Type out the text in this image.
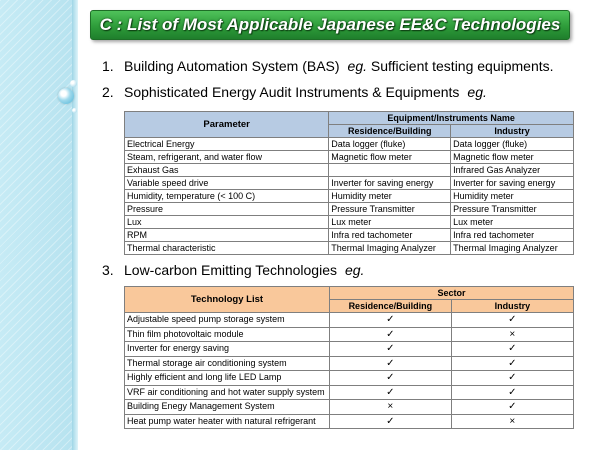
C : List of Most Applicable Japanese EE&C Technologies
1. Building Automation System (BAS) eg. Sufficient testing equipments.
2. Sophisticated Energy Audit Instruments & Equipments eg.
Parameter	Equipment/Instruments Name	
	Residence/Building	Industry
Electrical Energy	Data logger (fluke)	Data logger (fluke)
Steam, refrigerant, and water flow	Magnetic flow meter	Magnetic flow meter
Exhaust Gas		Infrared Gas Analyzer
Variable speed drive	Inverter for saving energy	Inverter for saving energy
Humidity, temperature (< 100 C)	Humidity meter	Humidity meter
Pressure	Pressure Transmitter	Pressure Transmitter
Lux	Lux meter	Lux meter
RPM	Infra red tachometer	Infra red tachometer
Thermal characteristic	Thermal Imaging Analyzer	Thermal Imaging Analyzer
3. Low-carbon Emitting Technologies eg.
Technology List	Sector	
	Residence/Building	Industry
Adjustable speed pump storage system	✓	✓
Thin film photovoltaic module	✓	×
Inverter for energy saving	✓	✓
Thermal storage air conditioning system	✓	✓
Highly efficient and long life LED Lamp	✓	✓
VRF air conditioning and hot water supply system	✓	✓
Building Enegy Management System	×	✓
Heat pump water heater with natural refrigerant	✓	×
